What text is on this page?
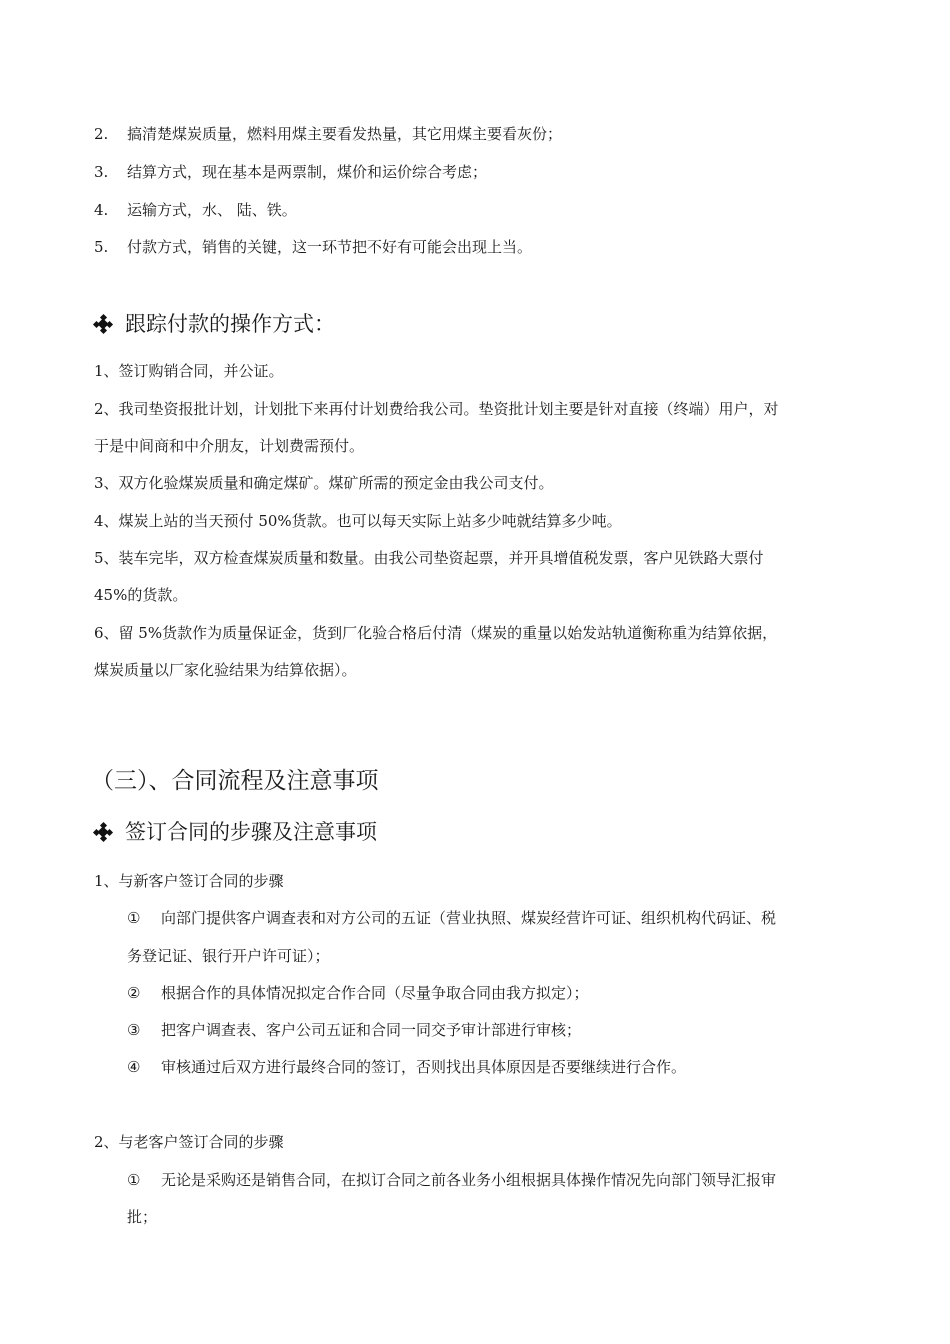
2. 搞清楚煤炭质量，燃料用煤主要看发热量，其它用煤主要看灰份；
3. 结算方式，现在基本是两票制，煤价和运价综合考虑；
4. 运输方式，水、 陆、铁。
5. 付款方式，销售的关键，这一环节把不好有可能会出现上当。
跟踪付款的操作方式：
1、签订购销合同，并公证。
2、我司垫资报批计划，计划批下来再付计划费给我公司。垫资批计划主要是针对直接（终端）用户，对
于是中间商和中介朋友，计划费需预付。
3、双方化验煤炭质量和确定煤矿。煤矿所需的预定金由我公司支付。
4、煤炭上站的当天预付 50%货款。也可以每天实际上站多少吨就结算多少吨。
5、装车完毕，双方检查煤炭质量和数量。由我公司垫资起票，并开具增值税发票，客户见铁路大票付
45%的货款。
6、留 5%货款作为质量保证金，货到厂化验合格后付清（煤炭的重量以始发站轨道衡称重为结算依据，
煤炭质量以厂家化验结果为结算依据）。
（三）、合同流程及注意事项
签订合同的步骤及注意事项
1、与新客户签订合同的步骤
① 向部门提供客户调查表和对方公司的五证（营业执照、煤炭经营许可证、组织机构代码证、税
务登记证、银行开户许可证）；
② 根据合作的具体情况拟定合作合同（尽量争取合同由我方拟定）；
③ 把客户调查表、客户公司五证和合同一同交予审计部进行审核；
④ 审核通过后双方进行最终合同的签订，否则找出具体原因是否要继续进行合作。
2、与老客户签订合同的步骤
① 无论是采购还是销售合同，在拟订合同之前各业务小组根据具体操作情况先向部门领导汇报审
批；
